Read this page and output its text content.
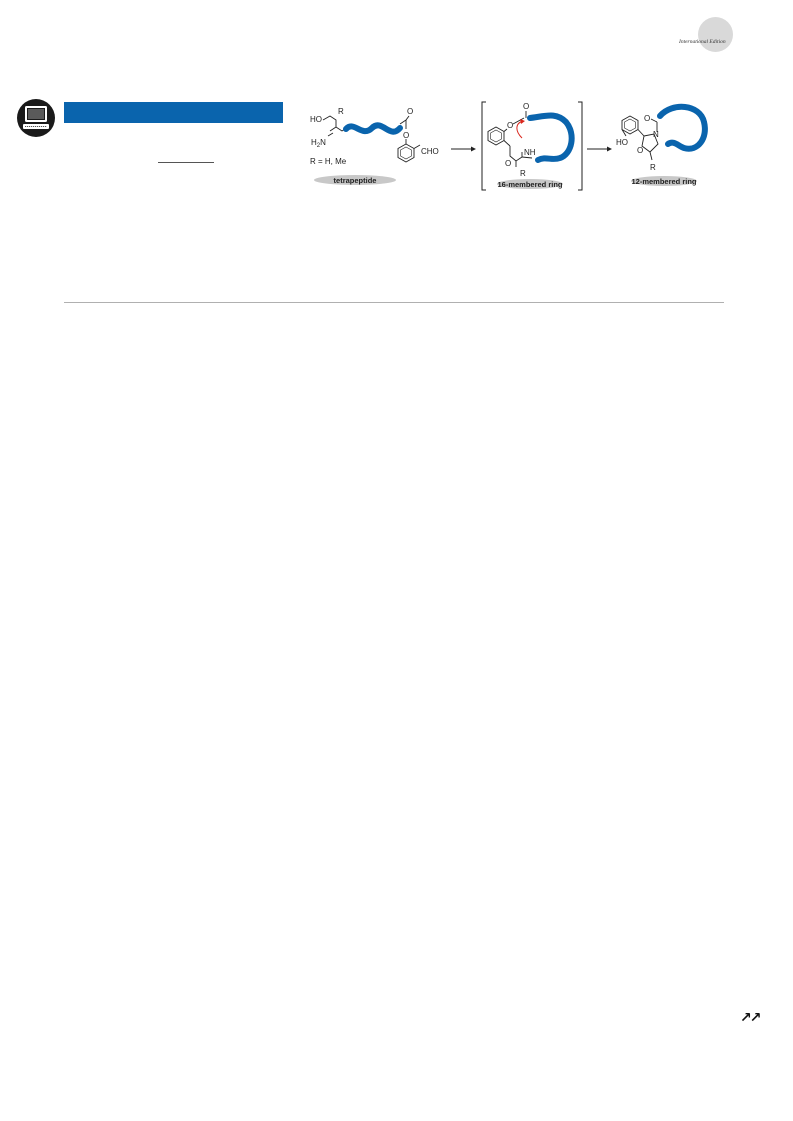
International Edition
HO
R
$H_2N$
R = H, Me
O
O
CHO
tetrapeptide
O
O
NH
O
R
16-membered ring
HO
N
O
R
O
12-membered ring
↗↗
